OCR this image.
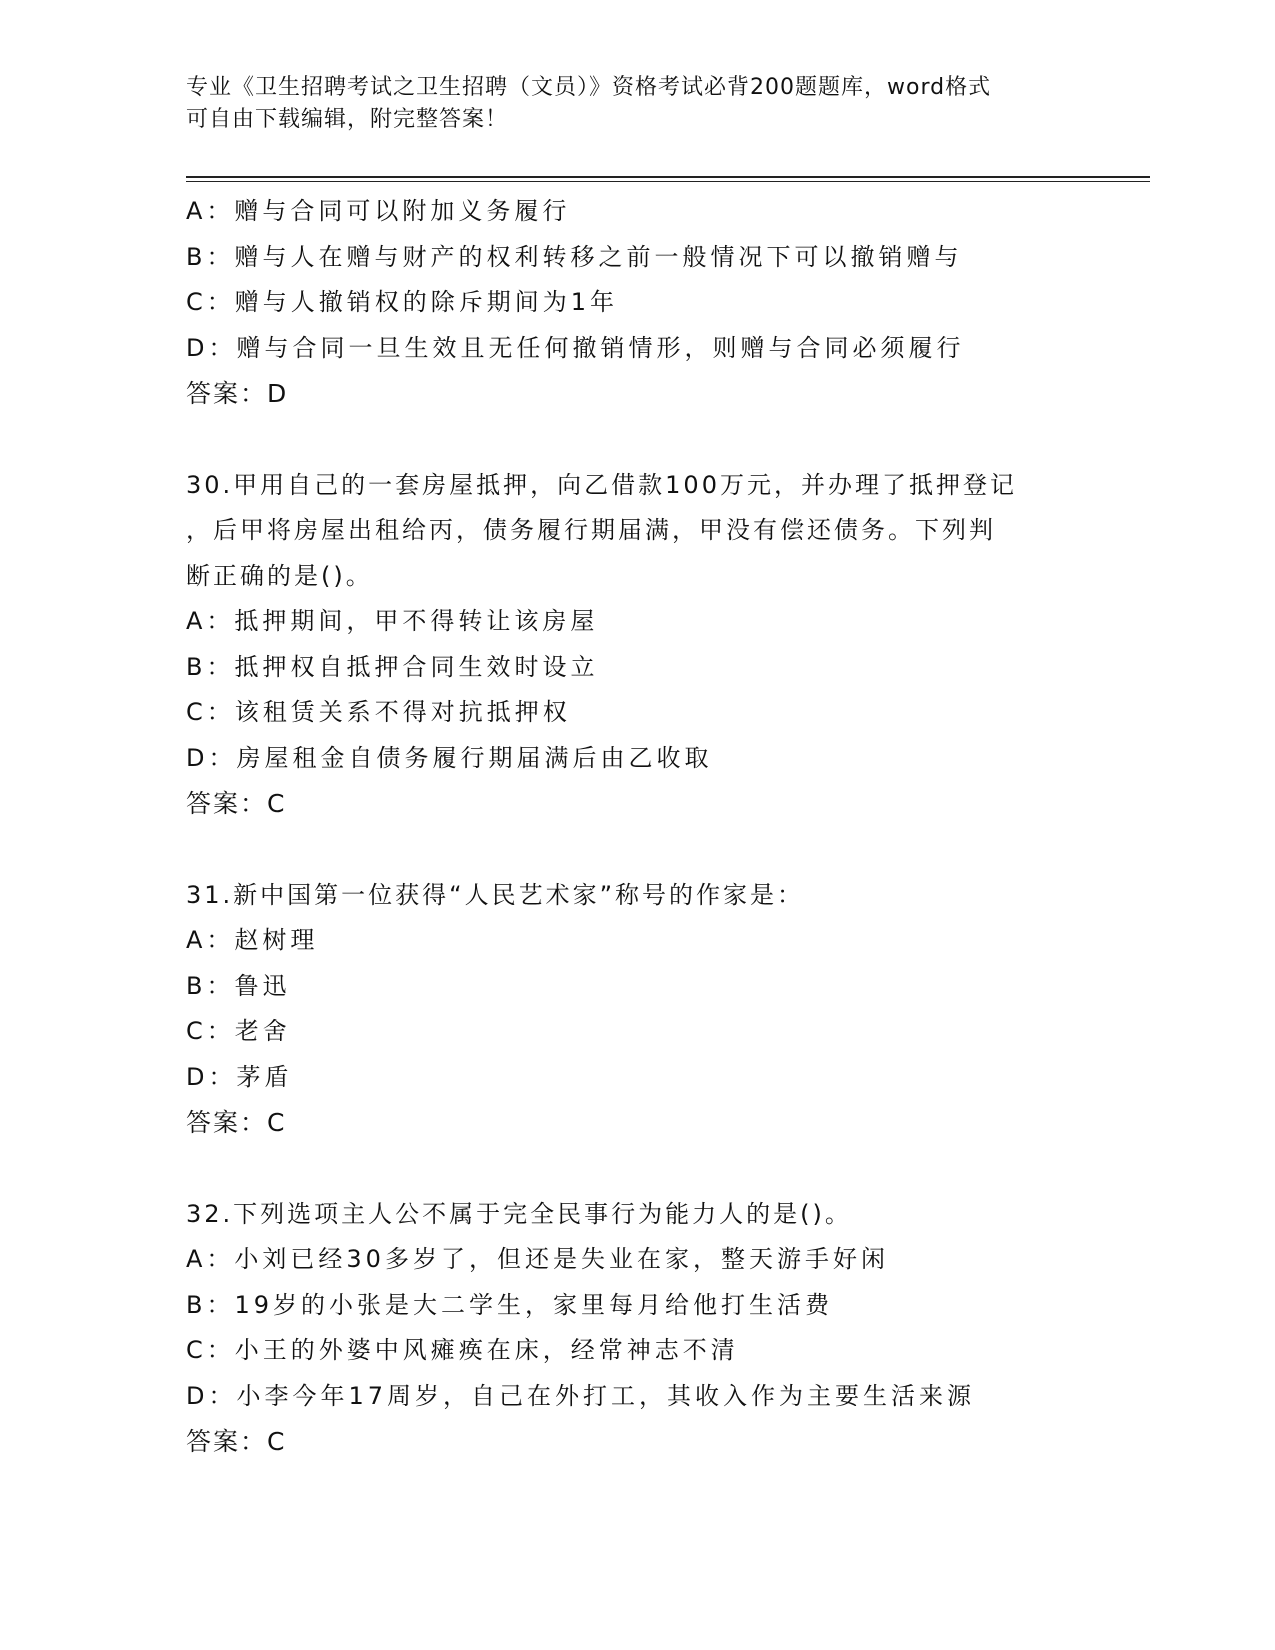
专业《卫生招聘考试之卫生招聘（文员）》资格考试必背200题题库，word格式
可自由下载编辑，附完整答案！
A：赠与合同可以附加义务履行
B：赠与人在赠与财产的权利转移之前一般情况下可以撤销赠与
C：赠与人撤销权的除斥期间为1年
D：赠与合同一旦生效且无任何撤销情形，则赠与合同必须履行
答案：D
30.甲用自己的一套房屋抵押，向乙借款100万元，并办理了抵押登记
，后甲将房屋出租给丙，债务履行期届满，甲没有偿还债务。下列判
断正确的是()。
A：抵押期间，甲不得转让该房屋
B：抵押权自抵押合同生效时设立
C：该租赁关系不得对抗抵押权
D：房屋租金自债务履行期届满后由乙收取
答案：C
31.新中国第一位获得“人民艺术家”称号的作家是：
A：赵树理
B：鲁迅
C：老舍
D：茅盾
答案：C
32.下列选项主人公不属于完全民事行为能力人的是()。
A：小刘已经30多岁了，但还是失业在家，整天游手好闲
B：19岁的小张是大二学生，家里每月给他打生活费
C：小王的外婆中风瘫痪在床，经常神志不清
D：小李今年17周岁，自己在外打工，其收入作为主要生活来源
答案：C
